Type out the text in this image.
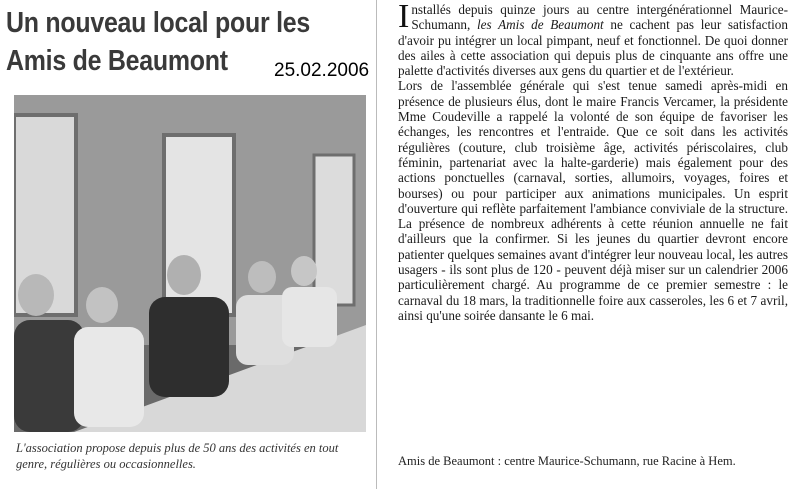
Un nouveau local pour les Amis de Beaumont	25.02.2006
L'association propose depuis plus de 50 ans des activités en tout genre, régulières ou occasionnelles.

Installés depuis quinze jours au centre intergénérationnel Maurice-Schumann, les Amis de Beaumont ne cachent pas leur satisfaction d'avoir pu intégrer un local pimpant, neuf et fonctionnel. De quoi donner des ailes à cette association qui depuis plus de cinquante ans offre une palette d'activités diverses aux gens du quartier et de l'extérieur.

Lors de l'assemblée générale qui s'est tenue samedi après-midi en présence de plusieurs élus, dont le maire Francis Vercamer, la présidente Mme Coudeville a rappelé la volonté de son équipe de favoriser les échanges, les rencontres et l'entraide. Que ce soit dans les activités régulières (couture, club troisième âge, activités périscolaires, club féminin, partenariat avec la halte-garderie) mais également pour des actions ponctuelles (carnaval, sorties, allumoirs, voyages, foires et bourses) ou pour participer aux animations municipales. Un esprit d'ouverture qui reflète parfaitement l'ambiance conviviale de la structure. La présence de nombreux adhérents à cette réunion annuelle ne fait d'ailleurs que la confirmer. Si les jeunes du quartier devront encore patienter quelques semaines avant d'intégrer leur nouveau local, les autres usagers - ils sont plus de 120 - peuvent déjà miser sur un calendrier 2006 particulièrement chargé. Au programme de ce premier semestre : le carnaval du 18 mars, la traditionnelle foire aux casseroles, les 6 et 7 avril, ainsi qu'une soirée dansante le 6 mai.

Amis de Beaumont : centre Maurice-Schumann, rue Racine à Hem.
